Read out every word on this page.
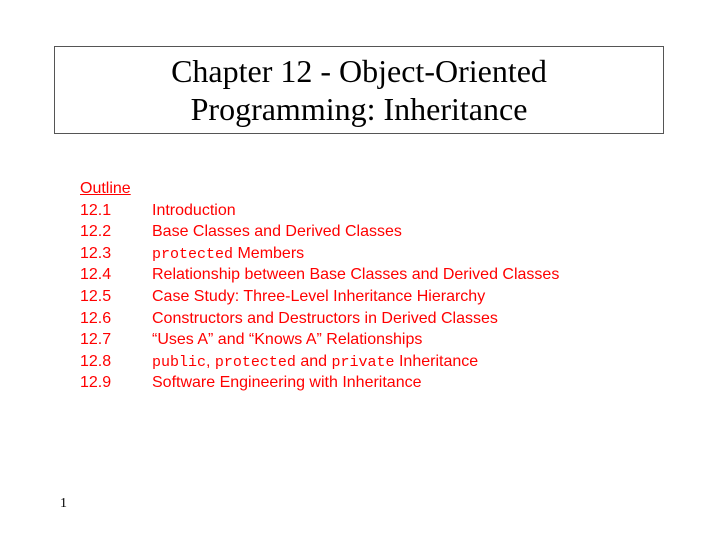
Chapter 12 - Object-Oriented
Programming: Inheritance
Outline
12.1	Introduction
12.2	Base Classes and Derived Classes
12.3	protected Members
12.4	Relationship between Base Classes and Derived Classes
12.5	Case Study: Three-Level Inheritance Hierarchy
12.6	Constructors and Destructors in Derived Classes
12.7	“Uses A” and “Knows A” Relationships
12.8	public, protected and private Inheritance
12.9	Software Engineering with Inheritance
1
